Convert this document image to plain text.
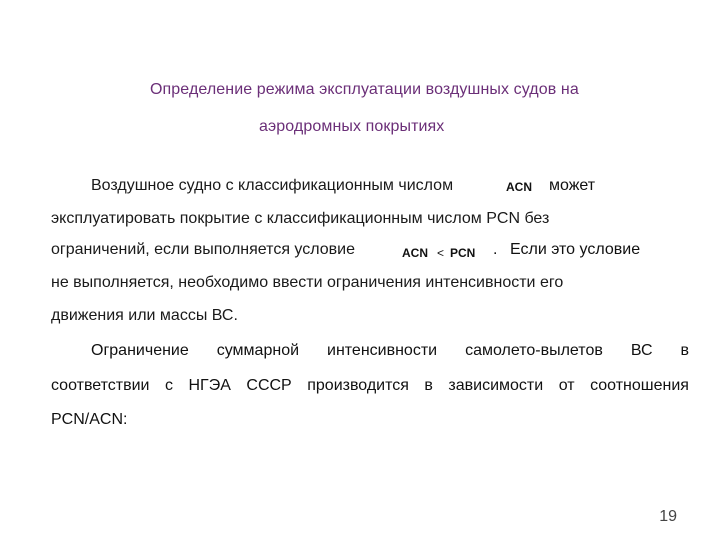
Определение режима эксплуатации воздушных судов на
аэродромных покрытиях
Воздушное судно с классификационным числом	ACN может
эксплуатировать покрытие с классификационным числом PCN без
ограничений, если выполняется условие	ACN < PCN . Если это условие
не выполняется, необходимо ввести ограничения интенсивности его
движения или массы ВС.
Ограничение суммарной интенсивности самолето-вылетов ВС в
соответствии с НГЭА СССР производится в зависимости от соотношения
PCN/ACN:
19
